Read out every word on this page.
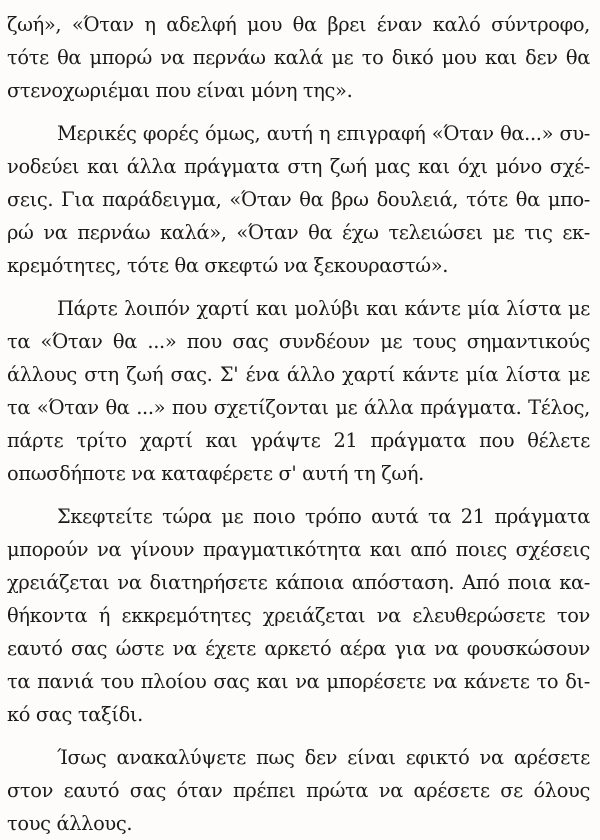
ζωή», «Όταν η αδελφή μου θα βρει έναν καλό σύντροφο,
τότε θα μπορώ να περνάω καλά με το δικό μου και δεν θα
στενοχωριέμαι που είναι μόνη της».
Μερικές φορές όμως, αυτή η επιγραφή «Όταν θα...» συ-
νοδεύει και άλλα πράγματα στη ζωή μας και όχι μόνο σχέ-
σεις. Για παράδειγμα, «Όταν θα βρω δουλειά, τότε θα μπο-
ρώ να περνάω καλά», «Όταν θα έχω τελειώσει με τις εκ-
κρεμότητες, τότε θα σκεφτώ να ξεκουραστώ».
Πάρτε λοιπόν χαρτί και μολύβι και κάντε μία λίστα με
τα «Όταν θα ...» που σας συνδέουν με τους σημαντικούς
άλλους στη ζωή σας. Σ' ένα άλλο χαρτί κάντε μία λίστα με
τα «Όταν θα ...» που σχετίζονται με άλλα πράγματα. Τέλος,
πάρτε τρίτο χαρτί και γράψτε 21 πράγματα που θέλετε
οπωσδήποτε να καταφέρετε σ' αυτή τη ζωή.
Σκεφτείτε τώρα με ποιο τρόπο αυτά τα 21 πράγματα
μπορούν να γίνουν πραγματικότητα και από ποιες σχέσεις
χρειάζεται να διατηρήσετε κάποια απόσταση. Από ποια κα-
θήκοντα ή εκκρεμότητες χρειάζεται να ελευθερώσετε τον
εαυτό σας ώστε να έχετε αρκετό αέρα για να φουσκώσουν
τα πανιά του πλοίου σας και να μπορέσετε να κάνετε το δι-
κό σας ταξίδι.
Ίσως ανακαλύψετε πως δεν είναι εφικτό να αρέσετε
στον εαυτό σας όταν πρέπει πρώτα να αρέσετε σε όλους
τους άλλους.
